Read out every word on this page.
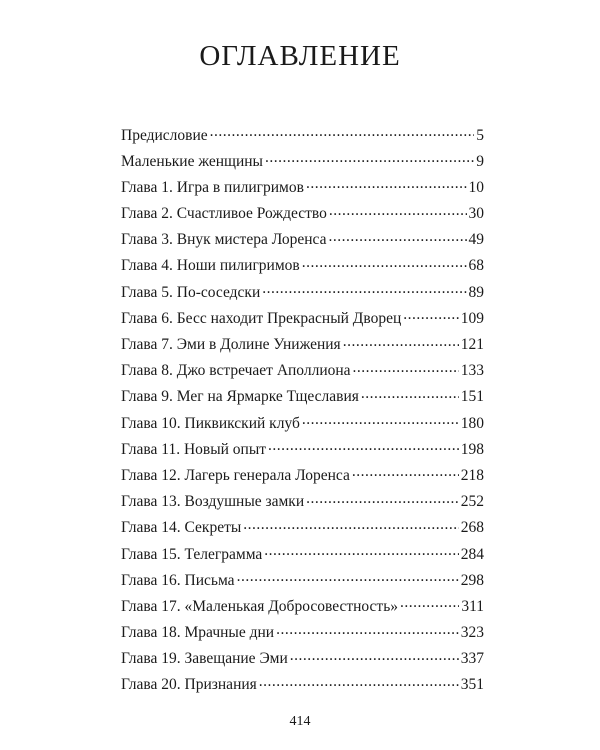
ОГЛАВЛЕНИЕ
Предисловие .....	5
Маленькие женщины .....	9
Глава 1. Игра в пилигримов .....	10
Глава 2. Счастливое Рождество .....	30
Глава 3. Внук мистера Лоренса .....	49
Глава 4. Ноши пилигримов .....	68
Глава 5. По-соседски .....	89
Глава 6. Бесс находит Прекрасный Дворец .....	109
Глава 7. Эми в Долине Унижения .....	121
Глава 8. Джо встречает Аполлиона .....	133
Глава 9. Мег на Ярмарке Тщеславия .....	151
Глава 10. Пиквикский клуб .....	180
Глава 11. Новый опыт .....	198
Глава 12. Лагерь генерала Лоренса .....	218
Глава 13. Воздушные замки .....	252
Глава 14. Секреты .....	268
Глава 15. Телеграмма .....	284
Глава 16. Письма .....	298
Глава 17. «Маленькая Добросовестность» .....	311
Глава 18. Мрачные дни .....	323
Глава 19. Завещание Эми .....	337
Глава 20. Признания .....	351
414
